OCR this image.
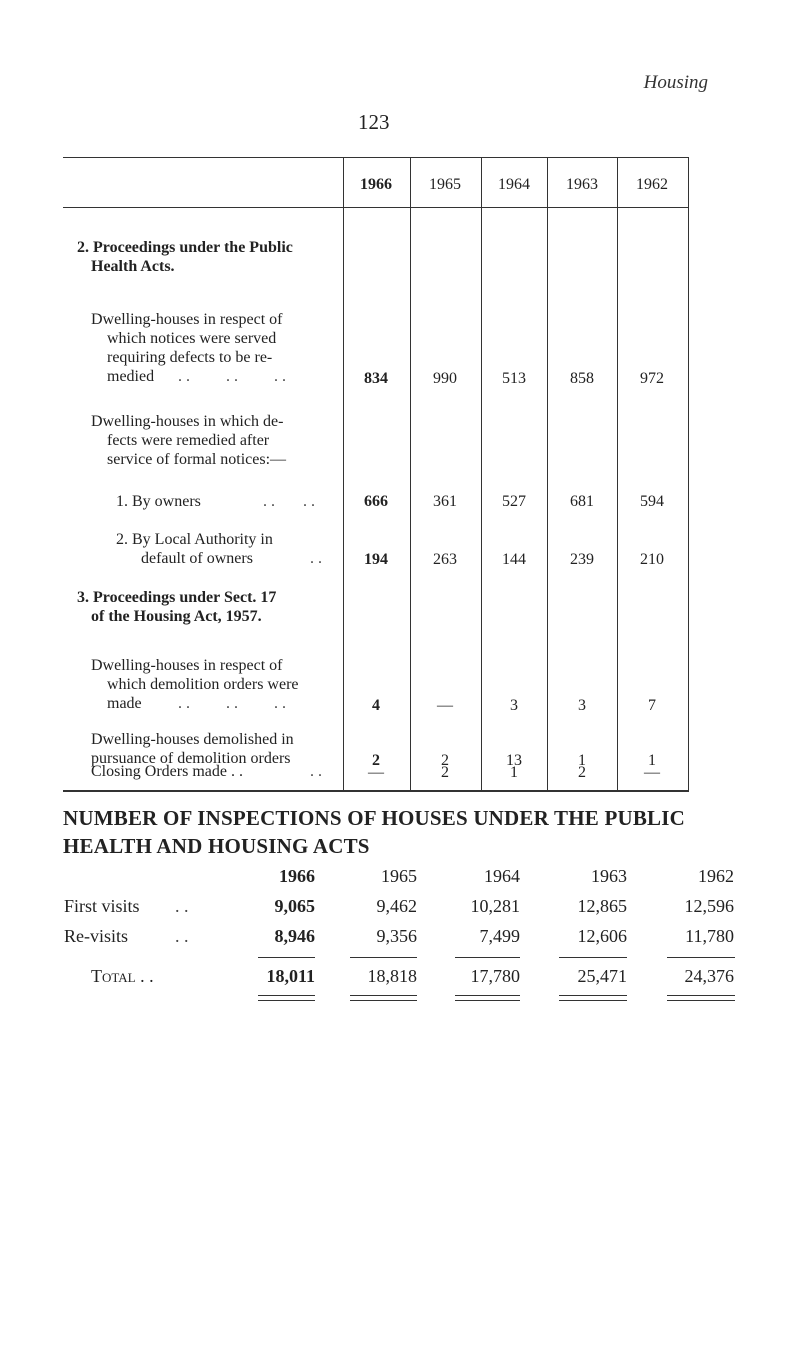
Housing
123
1966	1965	1964	1963	1962
2. Proceedings under the Public
Health Acts.
Dwelling-houses in respect of
which notices were served
requiring defects to be re-
medied . .         . .         . .	834	990	513	858	972
Dwelling-houses in which de-
fects were remedied after
service of formal notices:—
1. By owners	. .       . .	666	361	527	681	594
2. By Local Authority in
default of owners	. .	194	263	144	239	210
3. Proceedings under Sect. 17
of the Housing Act, 1957.
Dwelling-houses in respect of
which demolition orders were
made . .         . .         . .	4	—	3	3	7
Dwelling-houses demolished in
pursuance of demolition orders	2	2	13	1	1
Closing Orders made . .	. .	—	2	1	2	—
NUMBER OF INSPECTIONS OF HOUSES UNDER THE PUBLIC
HEALTH AND HOUSING ACTS
1966	1965	1964	1963	1962
First visits . .	9,065	9,462	10,281	12,865	12,596
Re-visits	. .	8,946	9,356	7,499	12,606	11,780
Total . .	18,011	18,818	17,780	25,471	24,376
